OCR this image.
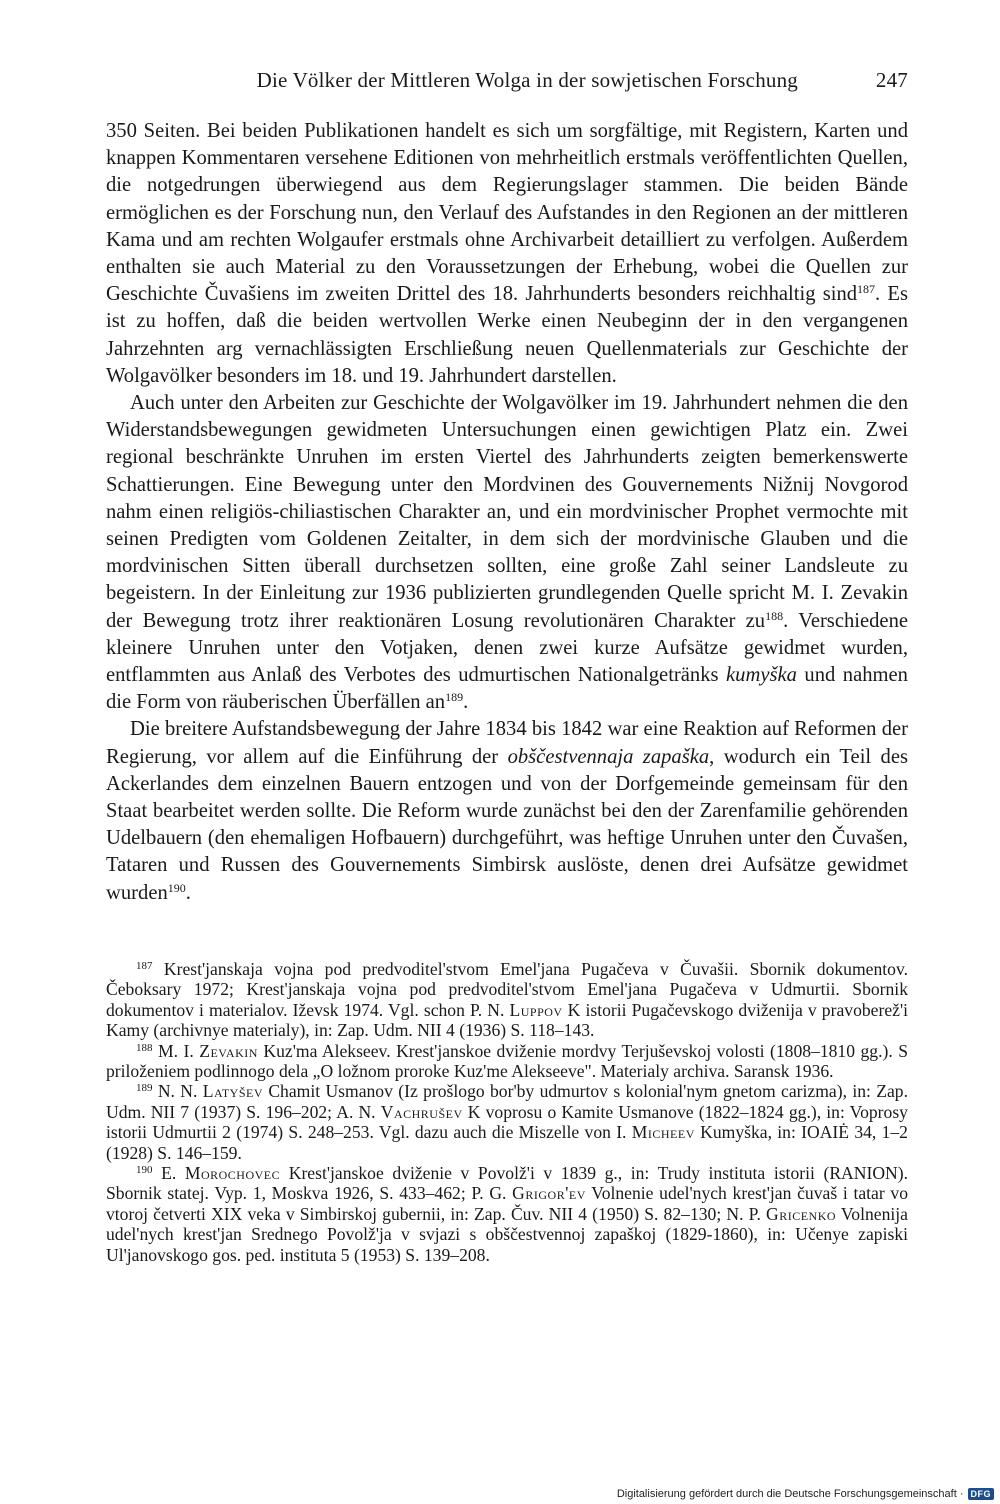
Die Völker der Mittleren Wolga in der sowjetischen Forschung	247

350 Seiten. Bei beiden Publikationen handelt es sich um sorgfältige, mit Registern, Karten und knappen Kommentaren versehene Editionen von mehrheitlich erstmals veröffentlichten Quellen, die notgedrungen überwiegend aus dem Regierungslager stammen. Die beiden Bände ermöglichen es der Forschung nun, den Verlauf des Aufstandes in den Regionen an der mittleren Kama und am rechten Wolgaufer erstmals ohne Archivarbeit detailliert zu verfolgen. Außerdem enthalten sie auch Material zu den Voraussetzungen der Erhebung, wobei die Quellen zur Geschichte Čuvašiens im zweiten Drittel des 18. Jahrhunderts besonders reichhaltig sind$^{187}$. Es ist zu hoffen, daß die beiden wertvollen Werke einen Neubeginn der in den vergangenen Jahrzehnten arg vernachlässigten Erschließung neuen Quellenmaterials zur Geschichte der Wolgavölker besonders im 18. und 19. Jahrhundert darstellen.

Auch unter den Arbeiten zur Geschichte der Wolgavölker im 19. Jahrhundert nehmen die den Widerstandsbewegungen gewidmeten Untersuchungen einen gewichtigen Platz ein. Zwei regional beschränkte Unruhen im ersten Viertel des Jahrhunderts zeigten bemerkenswerte Schattierungen. Eine Bewegung unter den Mordvinen des Gouvernements Nižnij Novgorod nahm einen religiös-chiliastischen Charakter an, und ein mordvinischer Prophet vermochte mit seinen Predigten vom Goldenen Zeitalter, in dem sich der mordvinische Glauben und die mordvinischen Sitten überall durchsetzen sollten, eine große Zahl seiner Landsleute zu begeistern. In der Einleitung zur 1936 publizierten grundlegenden Quelle spricht M. I. Zevakin der Bewegung trotz ihrer reaktionären Losung revolutionären Charakter zu$^{188}$. Verschiedene kleinere Unruhen unter den Votjaken, denen zwei kurze Aufsätze gewidmet wurden, entflammten aus Anlaß des Verbotes des udmurtischen Nationalgetränks kumyška und nahmen die Form von räuberischen Überfällen an$^{189}$.

Die breitere Aufstandsbewegung der Jahre 1834 bis 1842 war eine Reaktion auf Reformen der Regierung, vor allem auf die Einführung der obščestvennaja zapaška, wodurch ein Teil des Ackerlandes dem einzelnen Bauern entzogen und von der Dorfgemeinde gemeinsam für den Staat bearbeitet werden sollte. Die Reform wurde zunächst bei den der Zarenfamilie gehörenden Udelbauern (den ehemaligen Hofbauern) durchgeführt, was heftige Unruhen unter den Čuvašen, Tataren und Russen des Gouvernements Simbirsk auslöste, denen drei Aufsätze gewidmet wurden$^{190}$.

$^{187}$ Krest'janskaja vojna pod predvoditel'stvom Emel'jana Pugačeva v Čuvašii. Sbornik dokumentov. Čeboksary 1972; Krest'janskaja vojna pod predvoditel'stvom Emel'jana Pugačeva v Udmurtii. Sbornik dokumentov i materialov. Iževsk 1974. Vgl. schon P. N. Luppov K istorii Pugačevskogo dviženija v pravoberež'i Kamy (archivnye materialy), in: Zap. Udm. NII 4 (1936) S. 118–143.

$^{188}$ M. I. Zevakin Kuz'ma Alekseev. Krest'janskoe dviženie mordvy Terjuševskoj volosti (1808–1810 gg.). S priloženiem podlinnogo dela „O ložnom proroke Kuz'me Alekseeve". Materialy archiva. Saransk 1936.

$^{189}$ N. N. Latyšev Chamit Usmanov (Iz prošlogo bor'by udmurtov s kolonial'nym gnetom carizma), in: Zap. Udm. NII 7 (1937) S. 196–202; A. N. Vachrušev K voprosu o Kamite Usmanove (1822–1824 gg.), in: Voprosy istorii Udmurtii 2 (1974) S. 248–253. Vgl. dazu auch die Miszelle von I. Micheev Kumyška, in: IOAIĖ 34, 1–2 (1928) S. 146–159.

$^{190}$ E. Morochovec Krest'janskoe dviženie v Povolž'i v 1839 g., in: Trudy instituta istorii (RANION). Sbornik statej. Vyp. 1, Moskva 1926, S. 433–462; P. G. Grigor'ev Volnenie udel'nych krest'jan čuvaš i tatar vo vtoroj četverti XIX veka v Simbirskoj gubernii, in: Zap. Čuv. NII 4 (1950) S. 82–130; N. P. Gricenko Volnenija udel'nych krest'jan Srednego Povolž'ja v svjazi s obščestvennoj zapaškoj (1829-1860), in: Učenye zapiski Ul'janovskogo gos. ped. instituta 5 (1953) S. 139–208.

Digitalisierung gefördert durch die Deutsche Forschungsgemeinschaft · DFG
